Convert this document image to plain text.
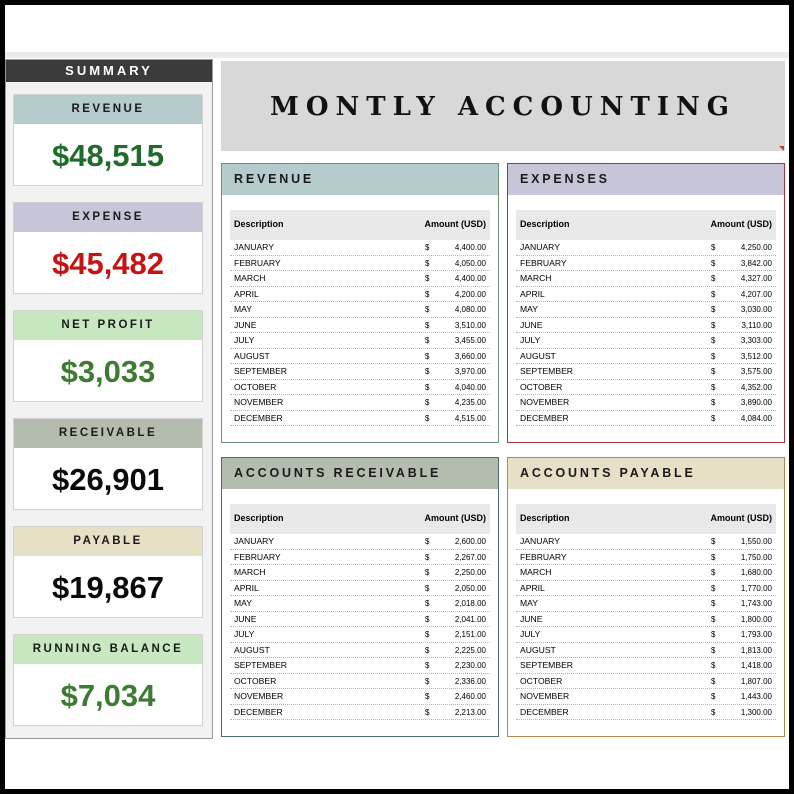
SUMMARY
REVENUE
$48,515
EXPENSE
$45,482
NET PROFIT
$3,033
RECEIVABLE
$26,901
PAYABLE
$19,867
RUNNING BALANCE
$7,034
MONTLY ACCOUNTING
REVENUE
Description	Amount (USD)
JANUARY	$	4,400.00
FEBRUARY	$	4,050.00
MARCH	$	4,400.00
APRIL	$	4,200.00
MAY	$	4,080.00
JUNE	$	3,510.00
JULY	$	3,455.00
AUGUST	$	3,660.00
SEPTEMBER	$	3,970.00
OCTOBER	$	4,040.00
NOVEMBER	$	4,235.00
DECEMBER	$	4,515.00
EXPENSES
Description	Amount (USD)
JANUARY	$	4,250.00
FEBRUARY	$	3,842.00
MARCH	$	4,327.00
APRIL	$	4,207.00
MAY	$	3,030.00
JUNE	$	3,110.00
JULY	$	3,303.00
AUGUST	$	3,512.00
SEPTEMBER	$	3,575.00
OCTOBER	$	4,352.00
NOVEMBER	$	3,890.00
DECEMBER	$	4,084.00
ACCOUNTS RECEIVABLE
Description	Amount (USD)
JANUARY	$	2,600.00
FEBRUARY	$	2,267.00
MARCH	$	2,250.00
APRIL	$	2,050.00
MAY	$	2,018.00
JUNE	$	2,041.00
JULY	$	2,151.00
AUGUST	$	2,225.00
SEPTEMBER	$	2,230.00
OCTOBER	$	2,336.00
NOVEMBER	$	2,460.00
DECEMBER	$	2,213.00
ACCOUNTS PAYABLE
Description	Amount (USD)
JANUARY	$	1,550.00
FEBRUARY	$	1,750.00
MARCH	$	1,680.00
APRIL	$	1,770.00
MAY	$	1,743.00
JUNE	$	1,800.00
JULY	$	1,793.00
AUGUST	$	1,813.00
SEPTEMBER	$	1,418.00
OCTOBER	$	1,807.00
NOVEMBER	$	1,443.00
DECEMBER	$	1,300.00
